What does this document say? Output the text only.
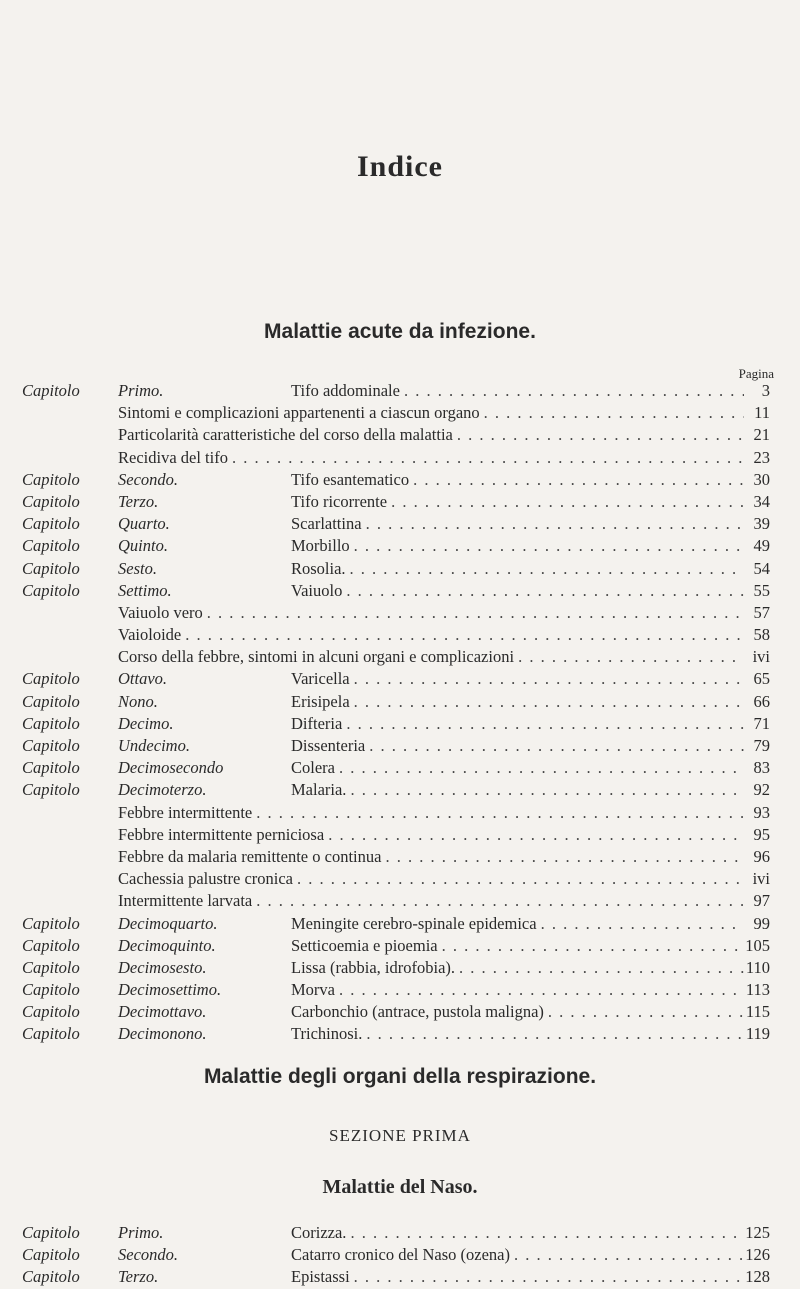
Indice
Malattie acute da infezione.
Pagina
Capitolo Primo.	Tifo addominale . . .	3
Sintomi e complicazioni appartenenti a ciascun organo . . .	11
Particolarità caratteristiche del corso della malattia . . .	21
Recidiva del tifo . . .	23
Capitolo Secondo.	Tifo esantematico . . .	30
Capitolo Terzo.	Tifo ricorrente . . .	34
Capitolo Quarto.	Scarlattina . . .	39
Capitolo Quinto.	Morbillo . . .	49
Capitolo Sesto.	Rosolia. . . .	54
Capitolo Settimo.	Vaiuolo . . .	55
Vaiuolo vero . . .	57
Vaioloide . . .	58
Corso della febbre, sintomi in alcuni organi e complicazioni . . .	ivi
Capitolo Ottavo.	Varicella . . .	65
Capitolo Nono.	Erisipela . . .	66
Capitolo Decimo.	Difteria . . .	71
Capitolo Undecimo.	Dissenteria . . .	79
Capitolo Decimosecondo	Colera . . .	83
Capitolo Decimoterzo.	Malaria. . . .	92
Febbre intermittente . . .	93
Febbre intermittente perniciosa . . .	95
Febbre da malaria remittente o continua . . .	96
Cachessia palustre cronica . . .	ivi
Intermittente larvata . . .	97
Capitolo Decimoquarto.	Meningite cerebro-spinale epidemica . . .	99
Capitolo Decimoquinto.	Setticoemia e pioemia . . .	105
Capitolo Decimosesto.	Lissa (rabbia, idrofobia). . . .	110
Capitolo Decimosettimo.	Morva . . .	113
Capitolo Decimottavo.	Carbonchio (antrace, pustola maligna) . . .	115
Capitolo Decimonono.	Trichinosi. . . .	119
Malattie degli organi della respirazione.
SEZIONE PRIMA
Malattie del Naso.
Capitolo Primo.	Corizza. . . .	125
Capitolo Secondo.	Catarro cronico del Naso (ozena) . . .	126
Capitolo Terzo.	Epistassi . . .	128
